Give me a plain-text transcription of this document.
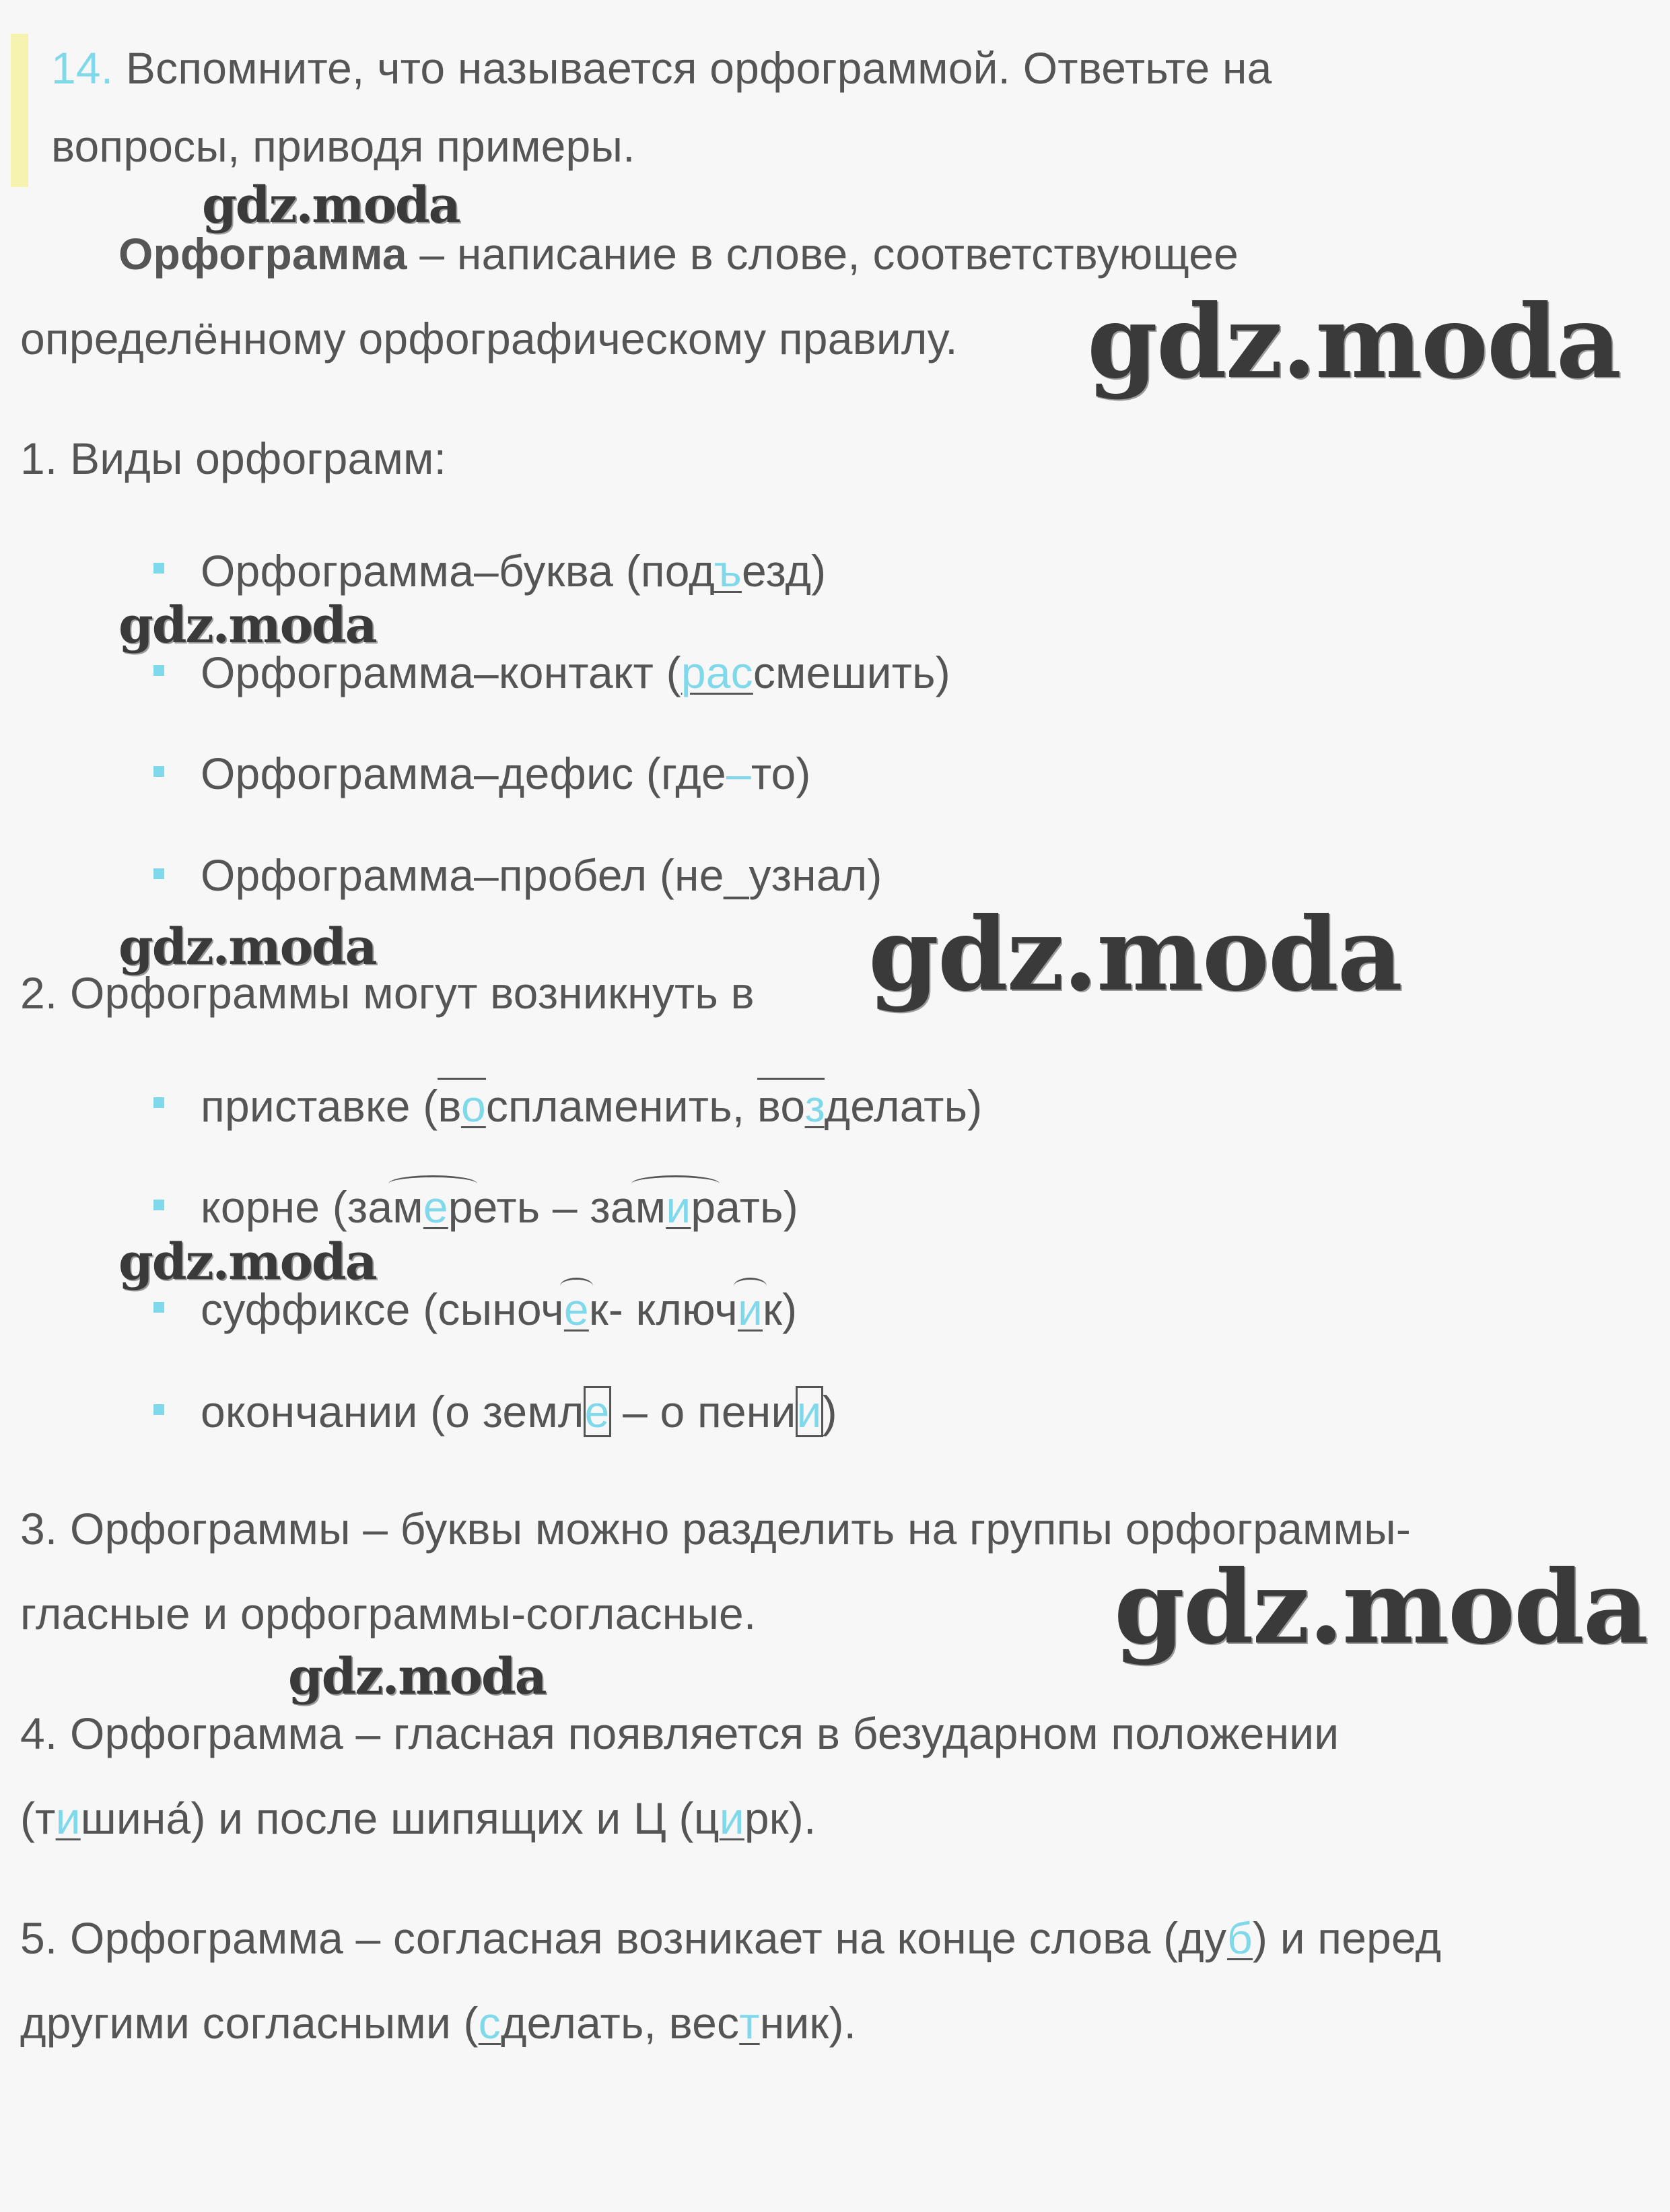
14. Вспомните, что называется орфограммой. Ответьте на
вопросы, приводя примеры.
Орфограмма – написание в слове, соответствующее
определённому орфографическому правилу.
1. Виды орфограмм:
Орфограмма–буква (подъезд)
Орфограмма–контакт (рассмешить)
Орфограмма–дефис (где–то)
Орфограмма–пробел (не_узнал)
2. Орфограммы могут возникнуть в
приставке (воспламенить, возделать)
корне (замереть – замирать)
суффиксе (сыночек- ключик)
окончании (о земле – о пении)
3. Орфограммы – буквы можно разделить на группы орфограммы-
гласные и орфограммы-согласные.
4. Орфограмма – гласная появляется в безударном положении
(тишина́) и после шипящих и Ц (цирк).
5. Орфограмма – согласная возникает на конце слова (дуб) и перед
другими согласными (сделать, вестник).
gdz.moda
gdz.moda
gdz.moda
gdz.moda	gdz.moda
gdz.moda
gdz.moda
gdz.moda
